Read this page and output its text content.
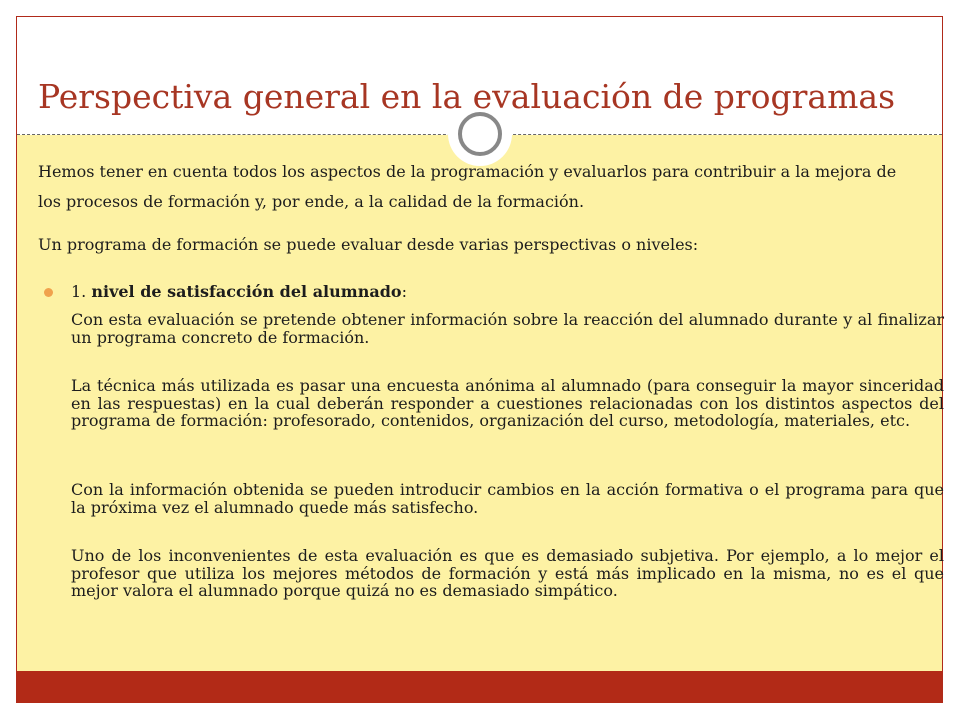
Perspectiva general en la evaluación de programas
Hemos tener en cuenta todos los aspectos de la programación y evaluarlos para contribuir a la mejora de los procesos de formación y, por ende, a la calidad de la formación.
Un programa de formación se puede evaluar desde varias perspectivas o niveles:
1. nivel de satisfacción del alumnado:
Con esta evaluación se pretende obtener información sobre la reacción del alumnado durante y al finalizar un programa concreto de formación.
La técnica más utilizada es pasar una encuesta anónima al alumnado (para conseguir la mayor sinceridad en las respuestas) en la cual deberán responder a cuestiones relacionadas con los distintos aspectos del programa de formación: profesorado, contenidos, organización del curso, metodología, materiales, etc.
Con la información obtenida se pueden introducir cambios en la acción formativa o el programa para que la próxima vez el alumnado quede más satisfecho.
Uno de los inconvenientes de esta evaluación es que es demasiado subjetiva. Por ejemplo, a lo mejor el profesor que utiliza los mejores métodos de formación y está más implicado en la misma, no es el que mejor valora el alumnado porque quizá no es demasiado simpático.
